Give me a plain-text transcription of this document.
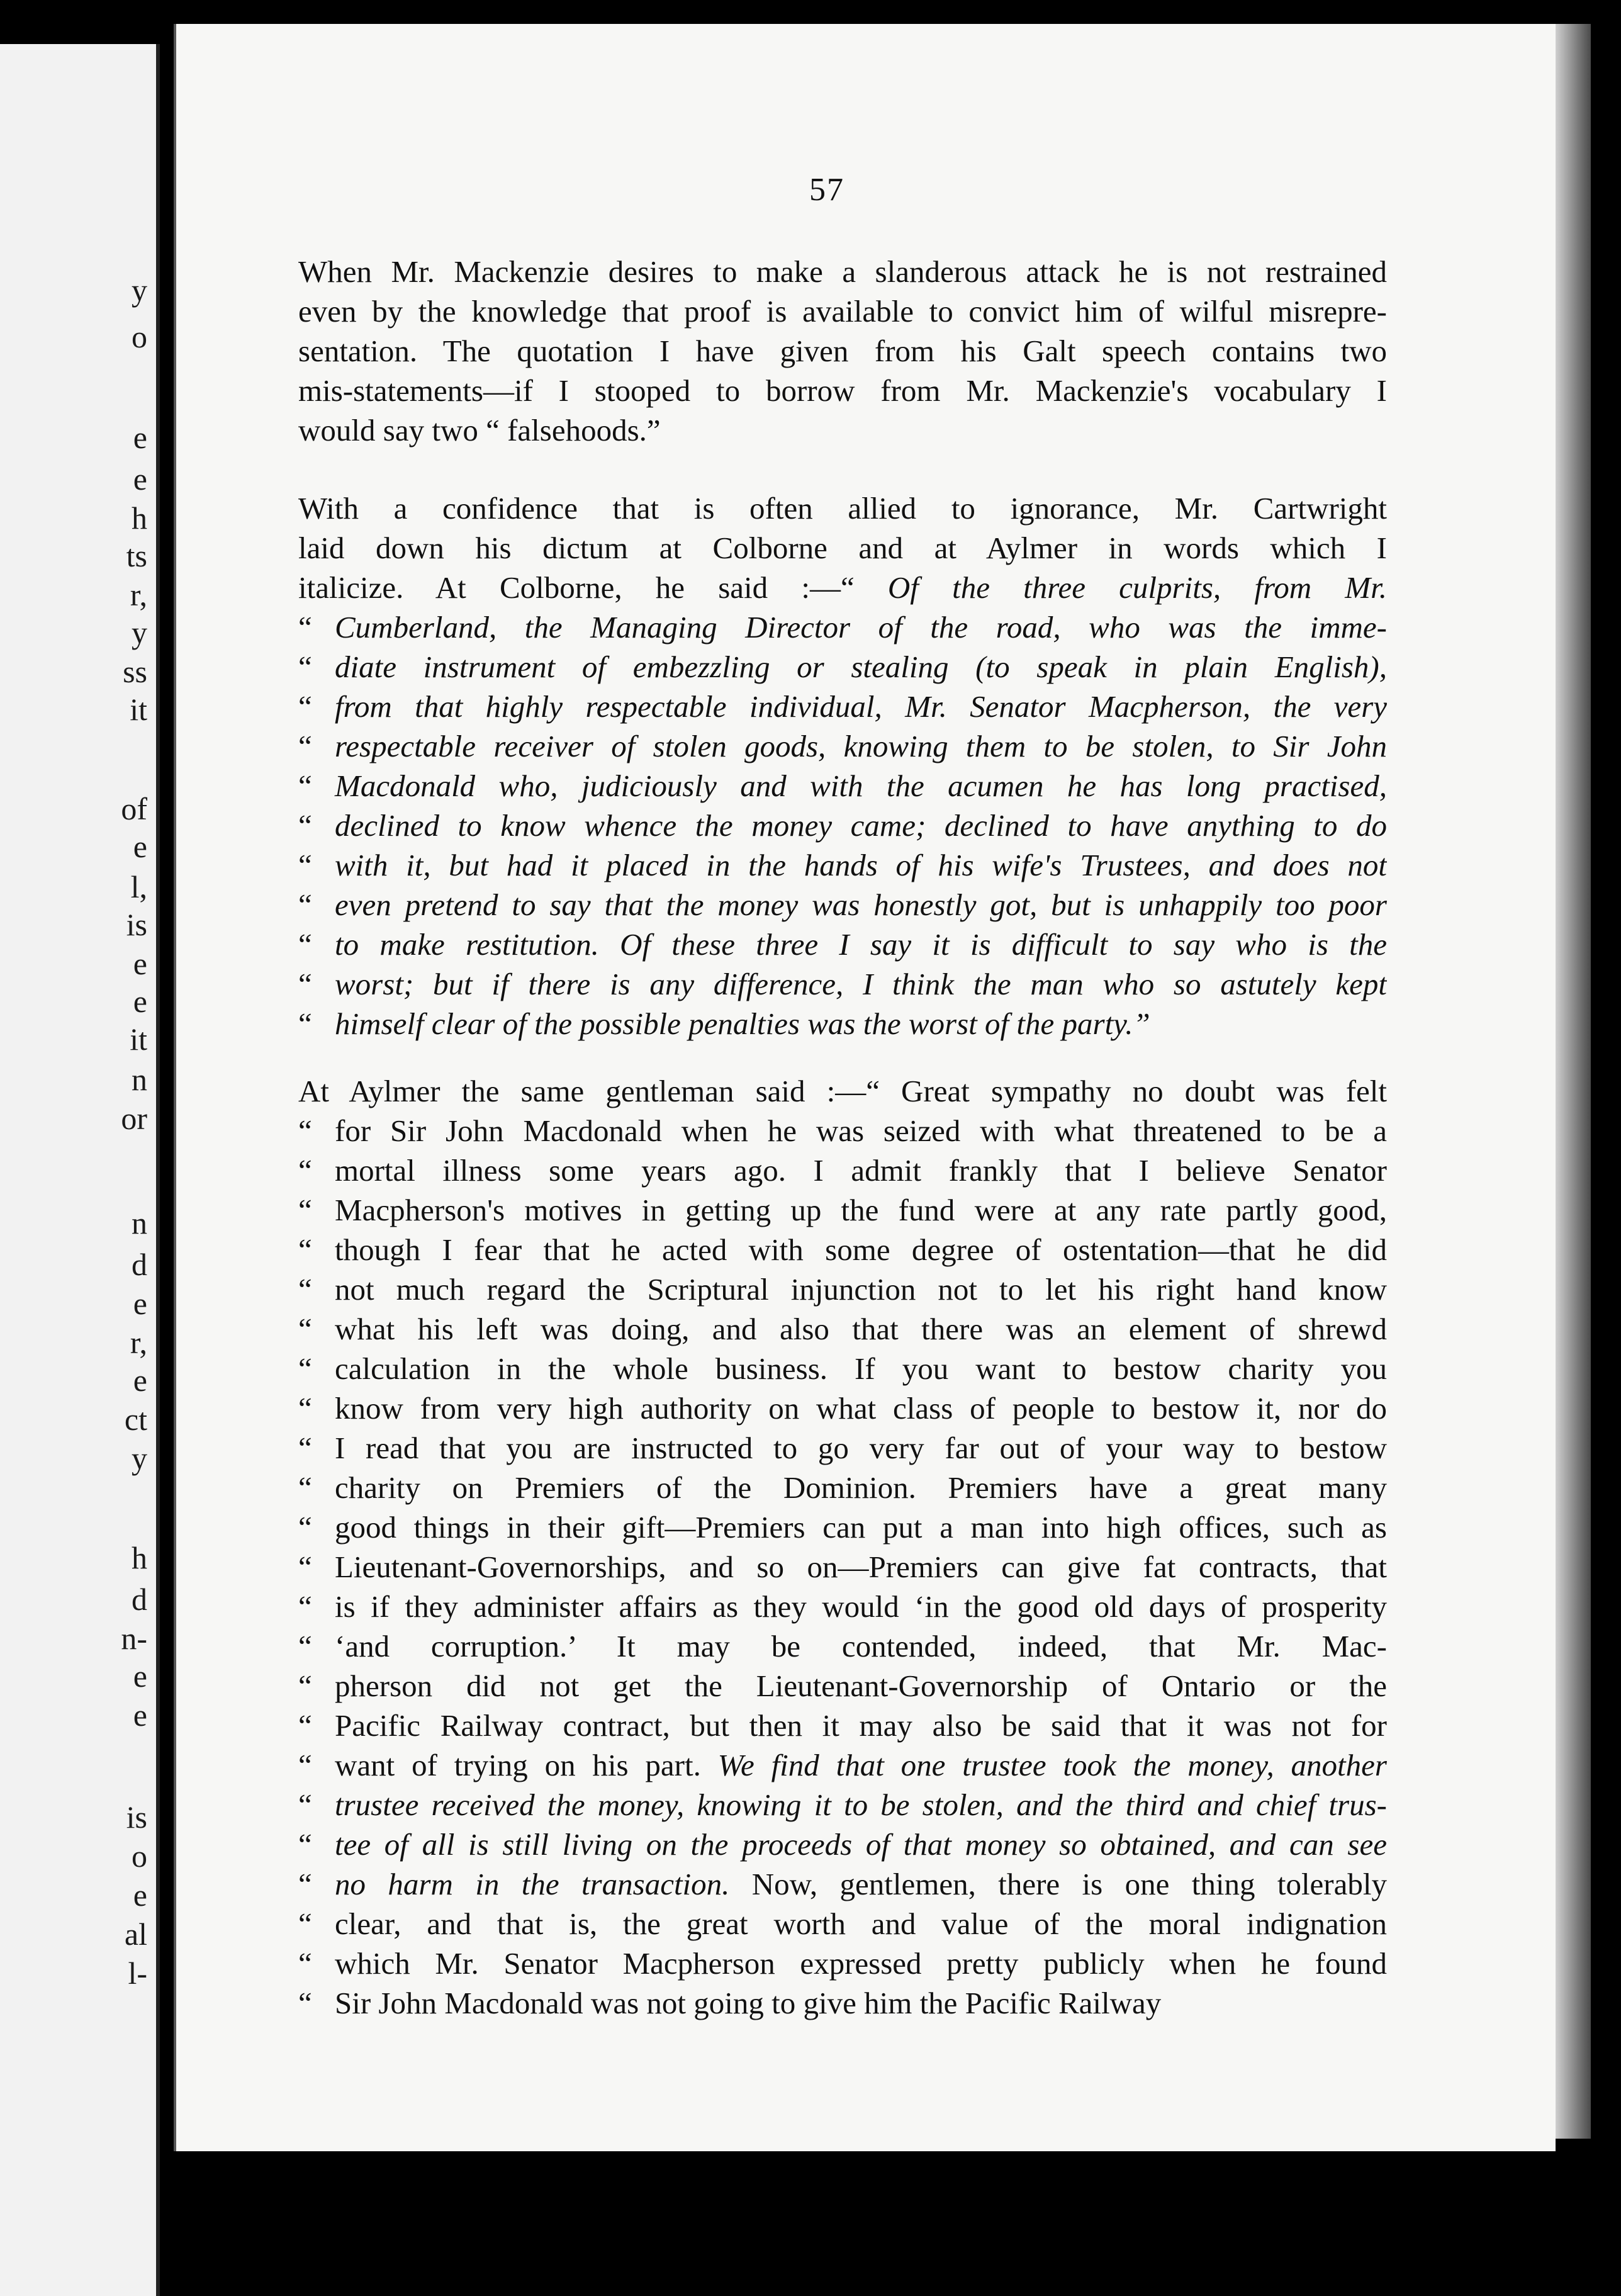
y
o
e
e
h
ts
r,
y
ss
it
of
e
l,
is
e
e
it
n
or
n
d
e
r,
e
ct
y
h
d
n-
e
e
is
o
e
al
l-
57
When Mr. Mackenzie desires to make a slanderous attack he is not restrained
even by the knowledge that proof is available to convict him of wilful misrepre-
sentation. The quotation I have given from his Galt speech contains two
mis-statements—if I stooped to borrow from Mr. Mackenzie's vocabulary I
would say two “ falsehoods.”
With a confidence that is often allied to ignorance, Mr. Cartwright
laid down his dictum at Colborne and at Aylmer in words which I
italicize. At Colborne, he said :—“ Of the three culprits, from Mr.
“ Cumberland, the Managing Director of the road, who was the imme-
“ diate instrument of embezzling or stealing (to speak in plain English),
“ from that highly respectable individual, Mr. Senator Macpherson, the very
“ respectable receiver of stolen goods, knowing them to be stolen, to Sir John
“ Macdonald who, judiciously and with the acumen he has long practised,
“ declined to know whence the money came; declined to have anything to do
“ with it, but had it placed in the hands of his wife's Trustees, and does not
“ even pretend to say that the money was honestly got, but is unhappily too poor
“ to make restitution. Of these three I say it is difficult to say who is the
“ worst; but if there is any difference, I think the man who so astutely kept
“ himself clear of the possible penalties was the worst of the party.”
At Aylmer the same gentleman said :—“ Great sympathy no doubt was felt
“ for Sir John Macdonald when he was seized with what threatened to be a
“ mortal illness some years ago. I admit frankly that I believe Senator
“ Macpherson's motives in getting up the fund were at any rate partly good,
“ though I fear that he acted with some degree of ostentation—that he did
“ not much regard the Scriptural injunction not to let his right hand know
“ what his left was doing, and also that there was an element of shrewd
“ calculation in the whole business. If you want to bestow charity you
“ know from very high authority on what class of people to bestow it, nor do
“ I read that you are instructed to go very far out of your way to bestow
“ charity on Premiers of the Dominion. Premiers have a great many
“ good things in their gift—Premiers can put a man into high offices, such as
“ Lieutenant-Governorships, and so on—Premiers can give fat contracts, that
“ is if they administer affairs as they would ‘in the good old days of prosperity
“ ‘and corruption.’ It may be contended, indeed, that Mr. Mac-
“ pherson did not get the Lieutenant-Governorship of Ontario or the
“ Pacific Railway contract, but then it may also be said that it was not for
“ want of trying on his part. We find that one trustee took the money, another
“ trustee received the money, knowing it to be stolen, and the third and chief trus-
“ tee of all is still living on the proceeds of that money so obtained, and can see
“ no harm in the transaction. Now, gentlemen, there is one thing tolerably
“ clear, and that is, the great worth and value of the moral indignation
“ which Mr. Senator Macpherson expressed pretty publicly when he found
“ Sir John Macdonald was not going to give him the Pacific Railway
